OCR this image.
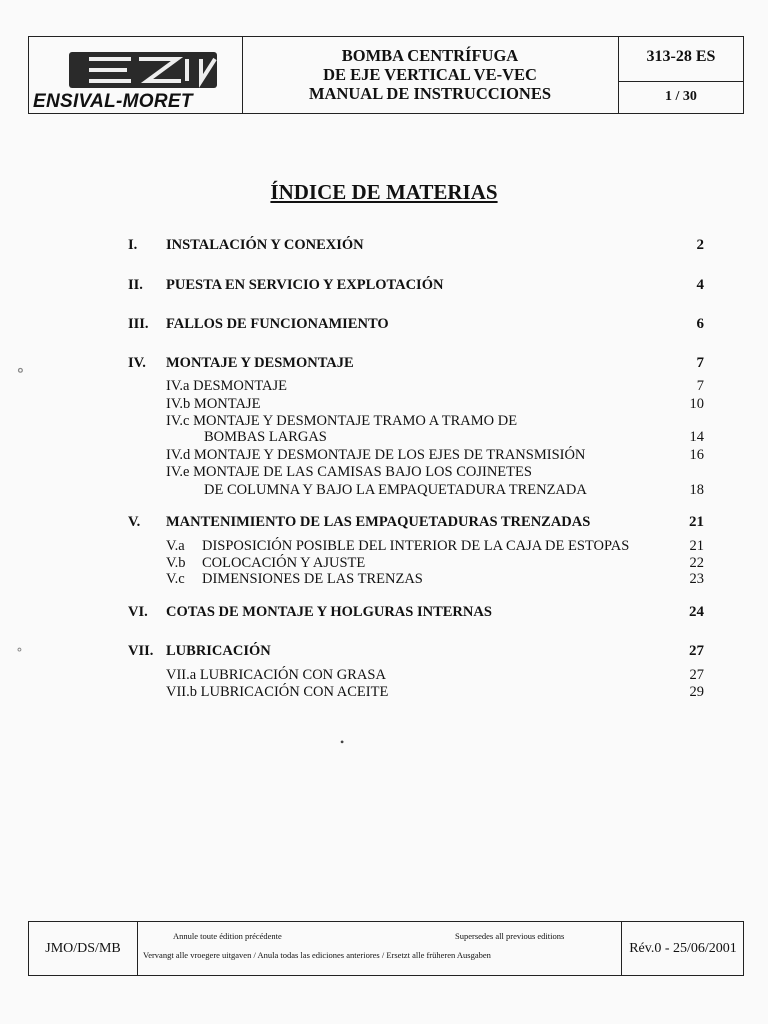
ENSIVAL-MORET
BOMBA CENTRÍFUGA
DE EJE VERTICAL VE-VEC
MANUAL DE INSTRUCCIONES
313-28 ES
1 / 30
ÍNDICE DE MATERIAS
I. INSTALACIÓN Y CONEXIÓN	2
II. PUESTA EN SERVICIO Y EXPLOTACIÓN	4
III. FALLOS DE FUNCIONAMIENTO	6
IV. MONTAJE Y DESMONTAJE	7
IV.a DESMONTAJE	7
IV.b MONTAJE	10
IV.c MONTAJE Y DESMONTAJE TRAMO A TRAMO DE
BOMBAS LARGAS	14
IV.d MONTAJE Y DESMONTAJE DE LOS EJES DE TRANSMISIÓN	16
IV.e MONTAJE DE LAS CAMISAS BAJO LOS COJINETES
DE COLUMNA Y BAJO LA EMPAQUETADURA TRENZADA	18
V. MANTENIMIENTO DE LAS EMPAQUETADURAS TRENZADAS	21
V.a DISPOSICIÓN POSIBLE DEL INTERIOR DE LA CAJA DE ESTOPAS	21
V.b COLOCACIÓN Y AJUSTE	22
V.c DIMENSIONES DE LAS TRENZAS	23
VI. COTAS DE MONTAJE Y HOLGURAS INTERNAS	24
VII. LUBRICACIÓN	27
VII.a LUBRICACIÓN CON GRASA	27
VII.b LUBRICACIÓN CON ACEITE	29
∘
∘
•
JMO/DS/MB
Annule toute édition précédente	Supersedes all previous editions
Vervangt alle vroegere uitgaven / Anula todas las ediciones anteriores / Ersetzt alle früheren Ausgaben	Rév.0 - 25/06/2001
